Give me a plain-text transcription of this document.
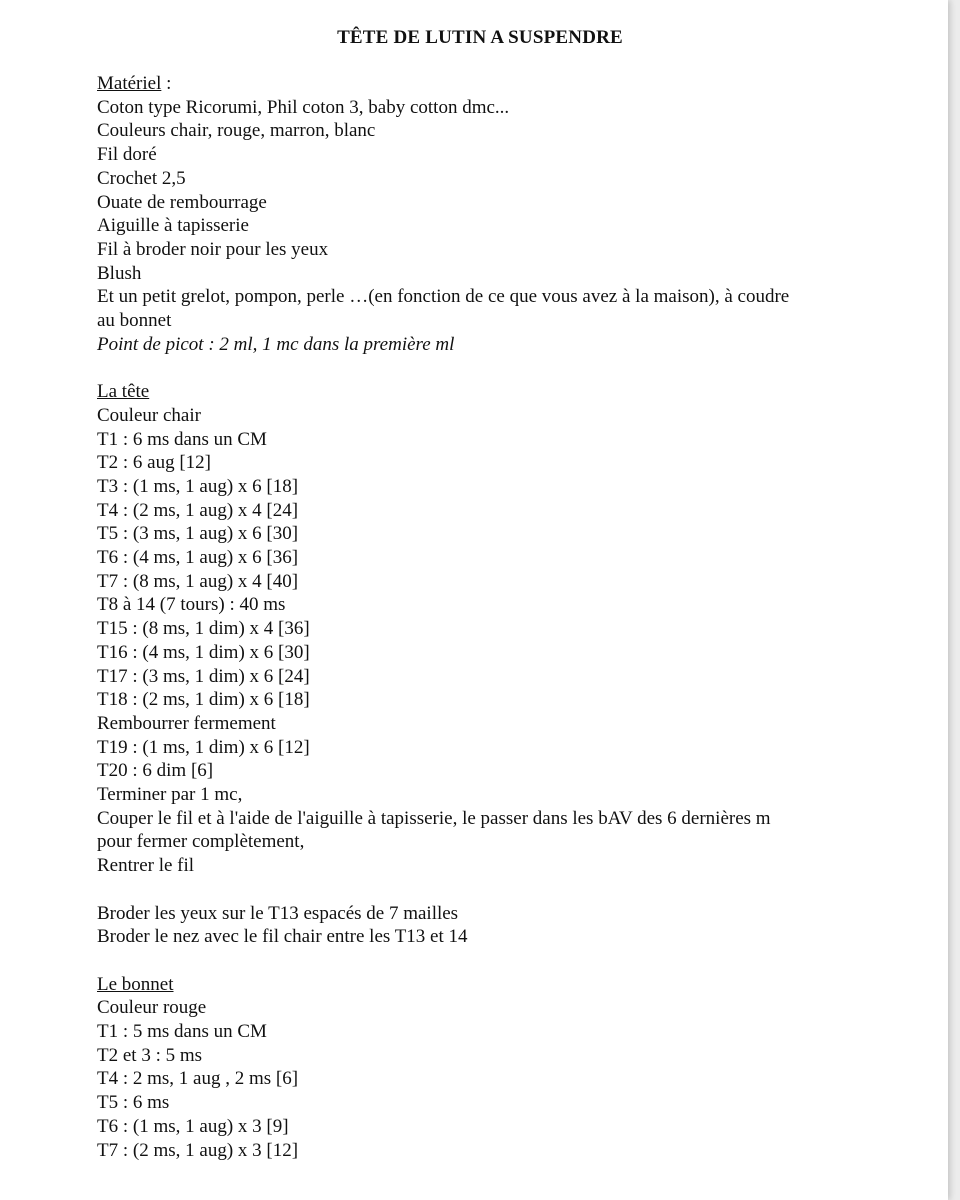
TÊTE DE LUTIN A SUSPENDRE

Matériel :

Coton type Ricorumi, Phil coton 3, baby cotton dmc...

Couleurs chair, rouge, marron, blanc

Fil doré

Crochet 2,5

Ouate de rembourrage

Aiguille à tapisserie

Fil à broder noir pour les yeux

Blush

Et un petit grelot, pompon, perle …(en fonction de ce que vous avez à la maison), à coudre

au bonnet

Point de picot : 2 ml, 1 mc dans la première ml

La tête

Couleur chair

T1 : 6 ms dans un CM

T2 : 6 aug [12]

T3 : (1 ms, 1 aug) x 6 [18]

T4 : (2 ms, 1 aug) x 4 [24]

T5 : (3 ms, 1 aug) x 6 [30]

T6 : (4 ms, 1 aug) x 6 [36]

T7 : (8 ms, 1 aug) x 4 [40]

T8 à 14 (7 tours) : 40 ms

T15 : (8 ms, 1 dim) x 4 [36]

T16 : (4 ms, 1 dim) x 6 [30]

T17 : (3 ms, 1 dim) x 6 [24]

T18 : (2 ms, 1 dim) x 6 [18]

Rembourrer fermement

T19 : (1 ms, 1 dim) x 6 [12]

T20 : 6 dim [6]

Terminer par 1 mc,

Couper le fil et à l'aide de l'aiguille à tapisserie, le passer dans les bAV des 6 dernières m

pour fermer complètement,

Rentrer le fil

Broder les yeux sur le T13 espacés de 7 mailles

Broder le nez avec le fil chair entre les T13 et 14

Le bonnet

Couleur rouge

T1 : 5 ms dans un CM

T2 et 3 : 5 ms

T4 : 2 ms, 1 aug , 2 ms [6]

T5 : 6 ms

T6 : (1 ms, 1 aug) x 3 [9]

T7 : (2 ms, 1 aug) x 3 [12]
